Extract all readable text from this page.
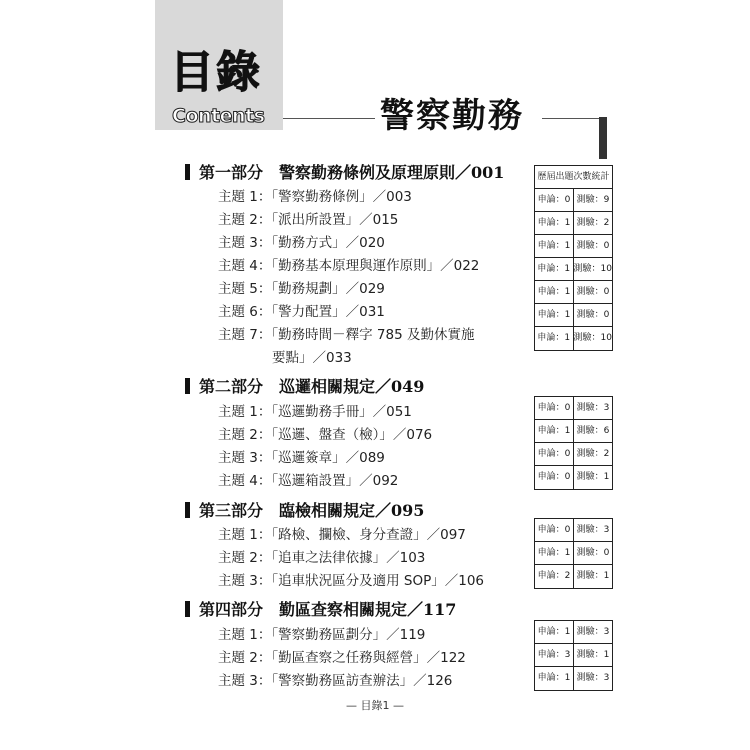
目錄
Contents	警察勤務
第一部分 警察勤務條例及原理原則／001
主題 1：「警察勤務條例」／003
主題 2：「派出所設置」／015
主題 3：「勤務方式」／020
主題 4：「勤務基本原理與運作原則」／022
主題 5：「勤務規劃」／029
主題 6：「警力配置」／031
主題 7：「勤務時間－釋字 785 及勤休實施
要點」／033
歷屆出題次數統計
申論：0 測驗：9
申論：1 測驗：2
申論：1 測驗：0
申論：1 測驗：10
申論：1 測驗：0
申論：1 測驗：0
申論：1 測驗：10
第二部分 巡邏相關規定／049
主題 1：「巡邏勤務手冊」／051
主題 2：「巡邏、盤查（檢）」／076
主題 3：「巡邏簽章」／089
主題 4：「巡邏箱設置」／092
申論：0 測驗：3
申論：1 測驗：6
申論：0 測驗：2
申論：0 測驗：1
第三部分 臨檢相關規定／095
主題 1：「路檢、攔檢、身分查證」／097
主題 2：「追車之法律依據」／103
主題 3：「追車狀況區分及適用 SOP」／106
申論：0 測驗：3
申論：1 測驗：0
申論：2 測驗：1
第四部分 勤區查察相關規定／117
主題 1：「警察勤務區劃分」／119
主題 2：「勤區查察之任務與經營」／122
主題 3：「警察勤務區訪查辦法」／126
申論：1 測驗：3
申論：3 測驗：1
申論：1 測驗：3
— 目錄1 —
